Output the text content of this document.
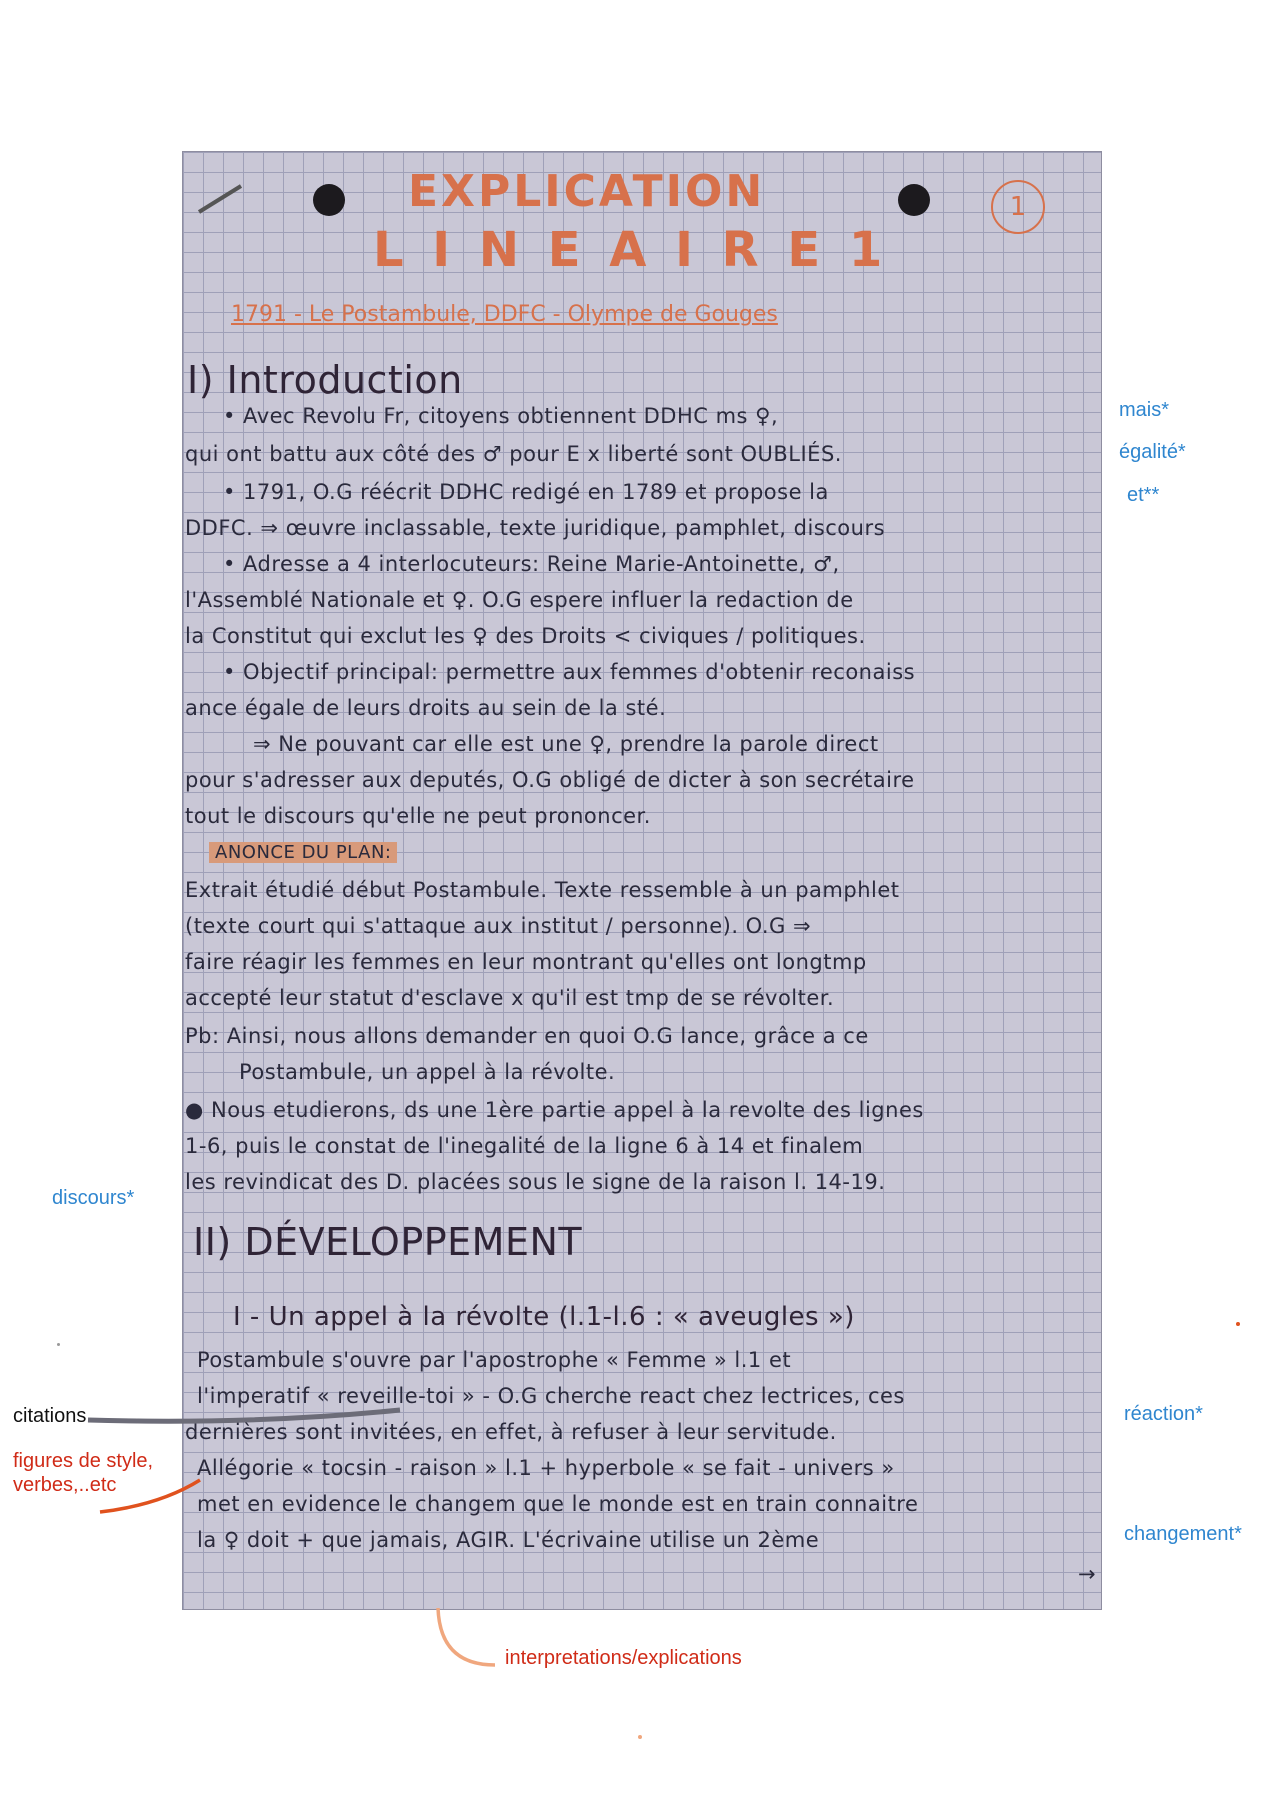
EXPLICATION
L I N E A I R E 1
1
1791 - Le Postambule, DDFC - Olympe de Gouges
I) Introduction
• Avec Revolu Fr, citoyens obtiennent DDHC ms ♀,
qui ont battu aux côté des ♂ pour E x liberté sont OUBLIÉS.
• 1791, O.G réécrit DDHC redigé en 1789 et propose la
DDFC. ⇒ œuvre inclassable, texte juridique, pamphlet, discours
• Adresse a 4 interlocuteurs: Reine Marie-Antoinette, ♂,
l'Assemblé Nationale et ♀. O.G espere influer la redaction de
la Constitut qui exclut les ♀ des Droits < civiques / politiques.
• Objectif principal: permettre aux femmes d'obtenir reconaiss
ance égale de leurs droits au sein de la sté.
⇒ Ne pouvant car elle est une ♀, prendre la parole direct
pour s'adresser aux deputés, O.G obligé de dicter à son secrétaire
tout le discours qu'elle ne peut prononcer.
ANONCE DU PLAN:
Extrait étudié début Postambule. Texte ressemble à un pamphlet
(texte court qui s'attaque aux institut / personne). O.G ⇒
faire réagir les femmes en leur montrant qu'elles ont longtmp
accepté leur statut d'esclave x qu'il est tmp de se révolter.
Pb: Ainsi, nous allons demander en quoi O.G lance, grâce a ce
Postambule, un appel à la révolte.
● Nous etudierons, ds une 1ère partie appel à la revolte des lignes
1-6, puis le constat de l'inegalité de la ligne 6 à 14 et finalem
les revindicat des D. placées sous le signe de la raison l. 14-19.
II) DÉVELOPPEMENT
I - Un appel à la révolte (l.1-l.6 : « aveugles »)
Postambule s'ouvre par l'apostrophe « Femme » l.1 et
l'imperatif « reveille-toi » - O.G cherche react chez lectrices, ces
dernières sont invitées, en effet, à refuser à leur servitude.
Allégorie « tocsin - raison » l.1 + hyperbole « se fait - univers »
met en evidence le changem que le monde est en train connaitre
la ♀ doit + que jamais, AGIR. L'écrivaine utilise un 2ème
→
mais*
égalité*
et**
discours*
citations
figures de style,
verbes,..etc
réaction*
changement*
interpretations/explications
